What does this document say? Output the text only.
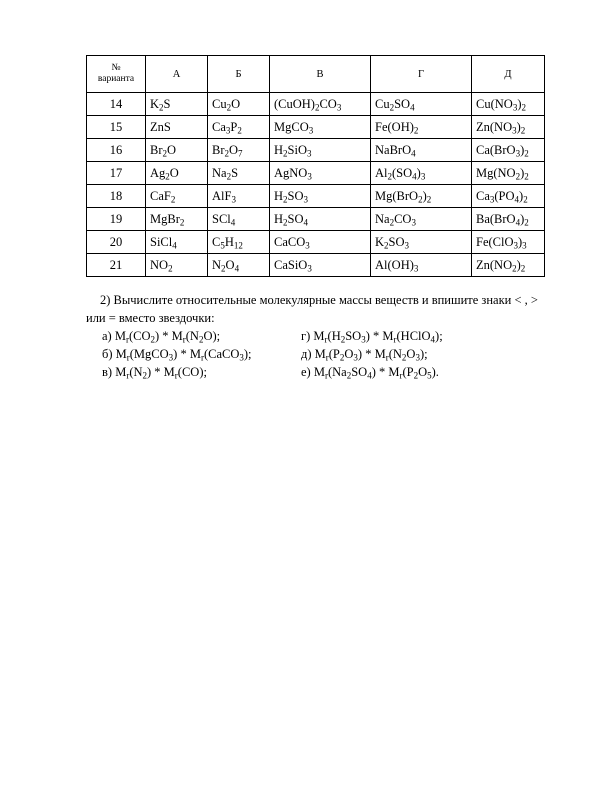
№
варианта	А	Б	В	Г	Д
14	$K_2S$	$Cu_2O$	$(CuOH)_2CO_3$	$Cu_2SO_4$	$Cu(NO_3)_2$
15	ZnS	$Ca_3P_2$	MgCO$_3$	$Fe(OH)_2$	$Zn(NO_3)_2$
16	$Br_2O$	$Br_2O_7$	$H_2SiO_3$	NaBrO$_4$	$Ca(BrO_3)_2$
17	$Ag_2O$	$Na_2S$	AgNO$_3$	$Al_2(SO_4)_3$	$Mg(NO_2)_2$
18	CaF$_2$	AlF$_3$	$H_2SO_3$	$Mg(BrO_2)_2$	$Ca_3(PO_4)_2$
19	MgBr$_2$	SCl$_4$	$H_2SO_4$	$Na_2CO_3$	$Ba(BrO_4)_2$
20	SiCl$_4$	$C_5H_{12}$	CaCO$_3$	$K_2SO_3$	$Fe(ClO_3)_3$
21	$NO_2$	$N_2O_4$	CaSiO$_3$	$Al(OH)_3$	$Zn(NO_2)_2$

2) Вычислите относительные молекулярные массы веществ и впишите знаки < , > или = вместо звездочки:

а) $M_r(CO_2) * M_r(N_2O)$;
б) $M_r(MgCO_3)$ * $M_r(CaCO_3)$;
в) $M_r(N_2) * M_r(CO)$;
г) $M_r(H_2SO_3)$ * $M_r(HClO_4)$;
д) $M_r(P_2O_3) * M_r(N_2O_3)$;
е) $M_r(Na_2SO_4) * M_r(P_2O_5)$.
